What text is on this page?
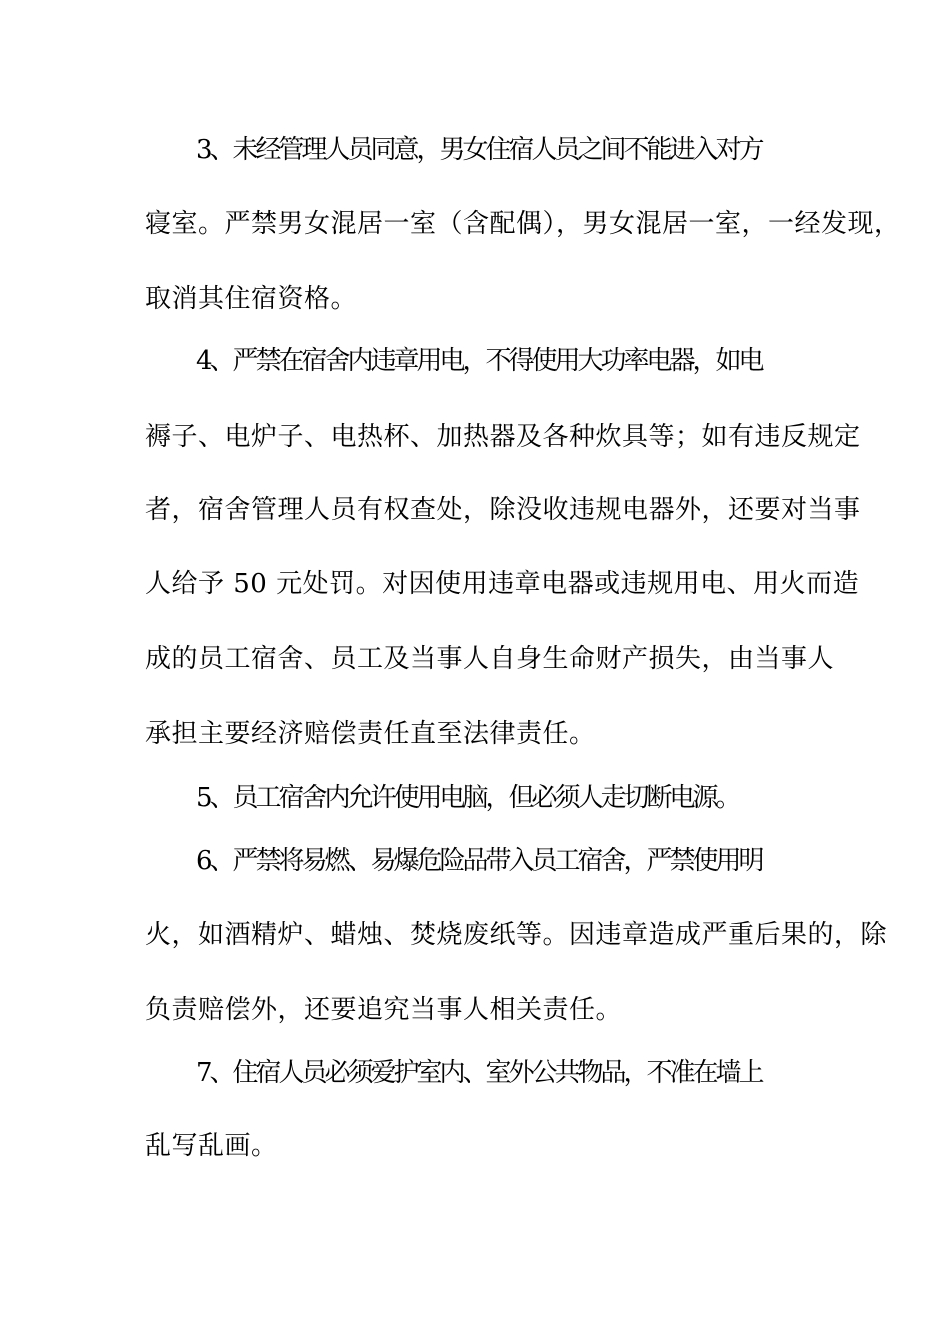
3、未经管理人员同意，男女住宿人员之间不能进入对方
寝室。严禁男女混居一室（含配偶），男女混居一室，一经发现，
取消其住宿资格。
4、严禁在宿舍内违章用电，不得使用大功率电器，如电
褥子、电炉子、电热杯、加热器及各种炊具等；如有违反规定
者，宿舍管理人员有权查处，除没收违规电器外，还要对当事
人给予 50 元处罚。对因使用违章电器或违规用电、用火而造
成的员工宿舍、员工及当事人自身生命财产损失，由当事人
承担主要经济赔偿责任直至法律责任。
5、员工宿舍内允许使用电脑，但必须人走切断电源。
6、严禁将易燃、易爆危险品带入员工宿舍，严禁使用明
火，如酒精炉、蜡烛、焚烧废纸等。因违章造成严重后果的，除
负责赔偿外，还要追究当事人相关责任。
7、住宿人员必须爱护室内、室外公共物品，不准在墙上
乱写乱画。
